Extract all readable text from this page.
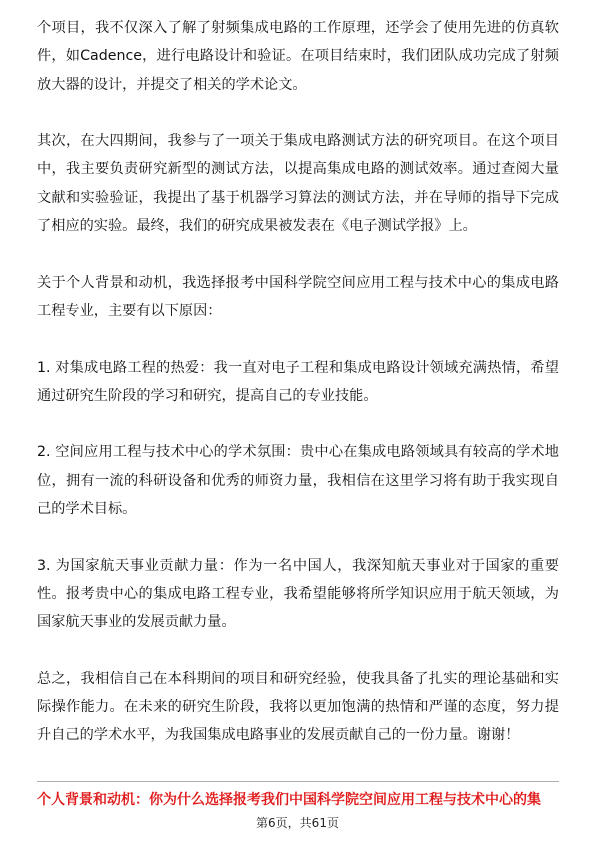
个项目，我不仅深入了解了射频集成电路的工作原理，还学会了使用先进的仿真软件，如Cadence，进行电路设计和验证。在项目结束时，我们团队成功完成了射频放大器的设计，并提交了相关的学术论文。

其次，在大四期间，我参与了一项关于集成电路测试方法的研究项目。在这个项目中，我主要负责研究新型的测试方法，以提高集成电路的测试效率。通过查阅大量文献和实验验证，我提出了基于机器学习算法的测试方法，并在导师的指导下完成了相应的实验。最终，我们的研究成果被发表在《电子测试学报》上。

关于个人背景和动机，我选择报考中国科学院空间应用工程与技术中心的集成电路工程专业，主要有以下原因：

1. 对集成电路工程的热爱：我一直对电子工程和集成电路设计领域充满热情，希望通过研究生阶段的学习和研究，提高自己的专业技能。

2. 空间应用工程与技术中心的学术氛围：贵中心在集成电路领域具有较高的学术地位，拥有一流的科研设备和优秀的师资力量，我相信在这里学习将有助于我实现自己的学术目标。

3. 为国家航天事业贡献力量：作为一名中国人，我深知航天事业对于国家的重要性。报考贵中心的集成电路工程专业，我希望能够将所学知识应用于航天领域，为国家航天事业的发展贡献力量。

总之，我相信自己在本科期间的项目和研究经验，使我具备了扎实的理论基础和实际操作能力。在未来的研究生阶段，我将以更加饱满的热情和严谨的态度，努力提升自己的学术水平，为我国集成电路事业的发展贡献自己的一份力量。谢谢！

个人背景和动机：你为什么选择报考我们中国科学院空间应用工程与技术中心的集
第6页，共61页
